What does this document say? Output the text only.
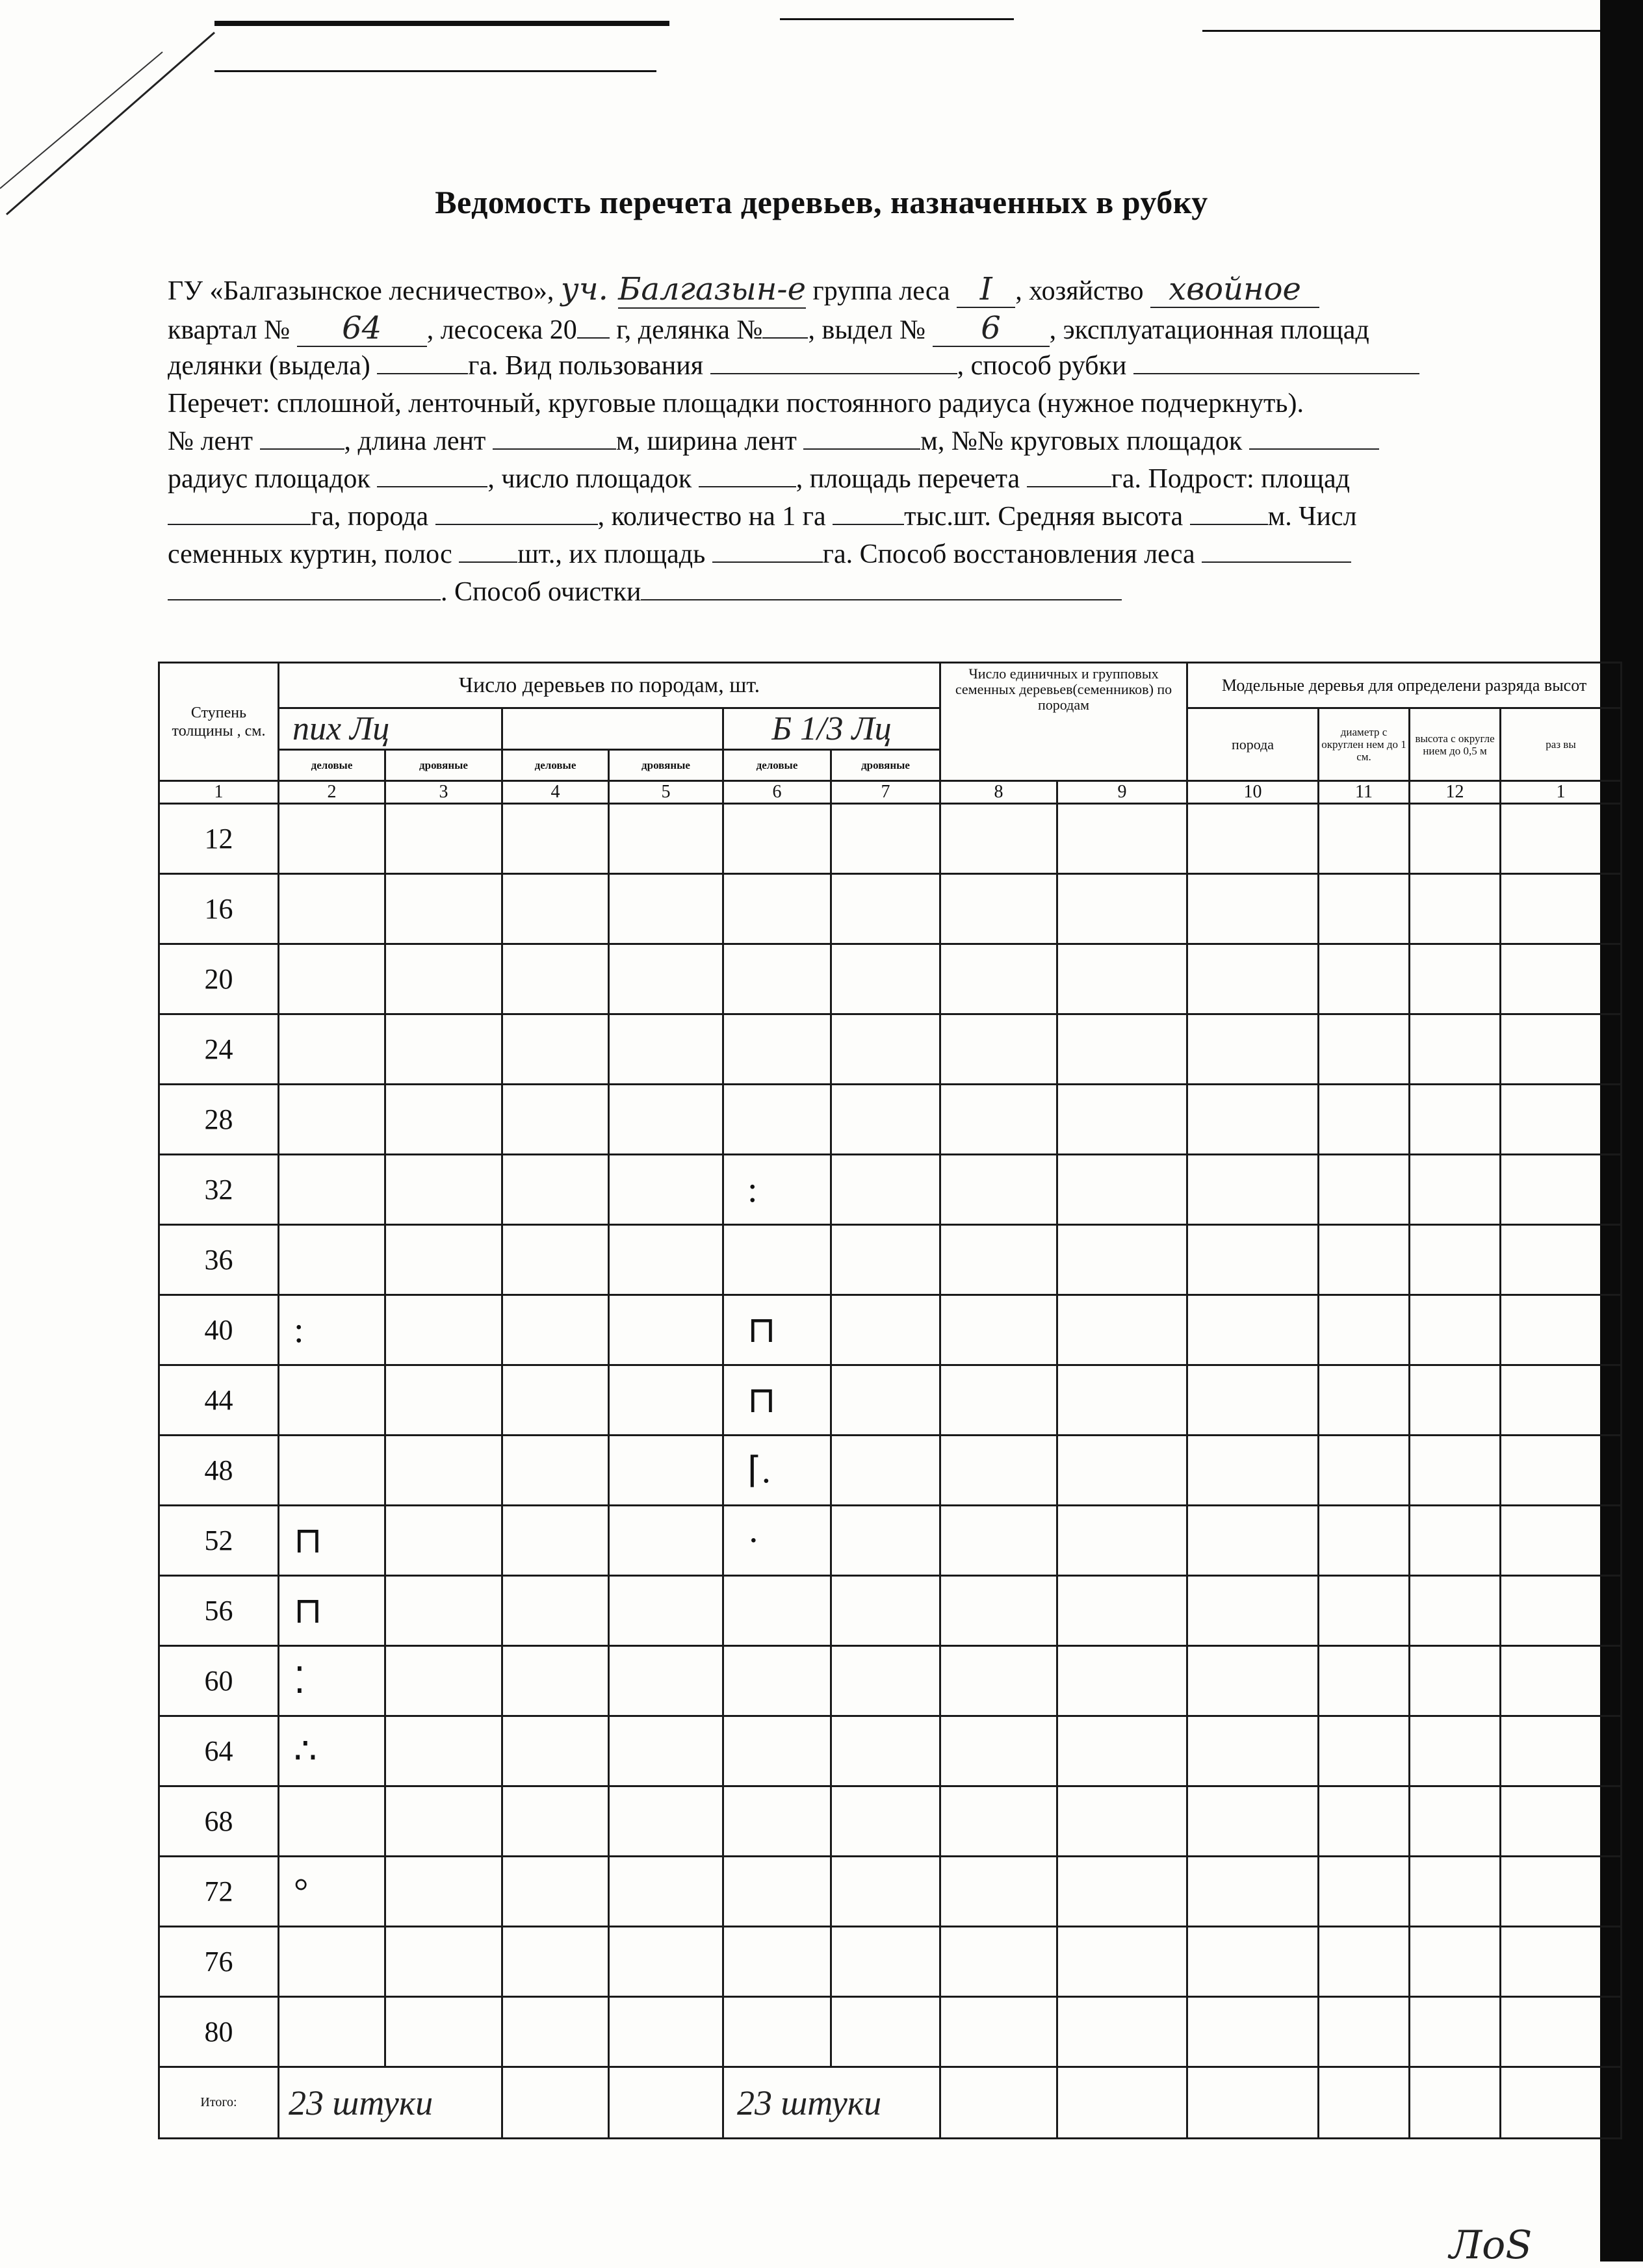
Ведомость перечета деревьев, назначенных в рубку
ГУ «Балгазынское лесничество», уч. Балгазын-е группа леса I , хозяйство хвойное
квартал № 64 , лесосека 20 г, делянка № , выдел № 6 , эксплуатационная площад
делянки (выдела)	га. Вид пользования	, способ рубки
Перечет: сплошной, ленточный, круговые площадки постоянного радиуса (нужное подчеркнуть).
№ лент	, длина лент	м, ширина лент	м, №№ круговых площадок
радиус площадок	, число площадок	, площадь перечета	га. Подрост: площад
га, порода	, количество на 1 га	тыс.шт. Средняя высота	м. Числ
семенных куртин, полос шт., их площадь	га. Способ восстановления леса
. Способ очистки
Ступень толщины , см.	Число деревьев по породам, шт.						Число единичных и групповых семенных деревьев(семенников) по породам		Модельные деревья для определени разряда высот			
	пих Лц				Б 1/3 Лц				порода	диаметр с округлен нем до 1 см.	высота с округле нием до 0,5 м	раз вы
	деловые	дровяные	деловые	дровяные	деловые	дровяные						
1	2	3	4	5	6	7	8	9	10	11	12	1
12												
16												
20												
24												
28												
32					:							
36												
40	:				⊓							
44					⊓							
48					⌈.							
52	⊓				·							
56	⊓											
60	⁚											
64	∴											
68												
72	°											
76												
80												
Итого:	23 штуки				23 штуки							
ЛоS
